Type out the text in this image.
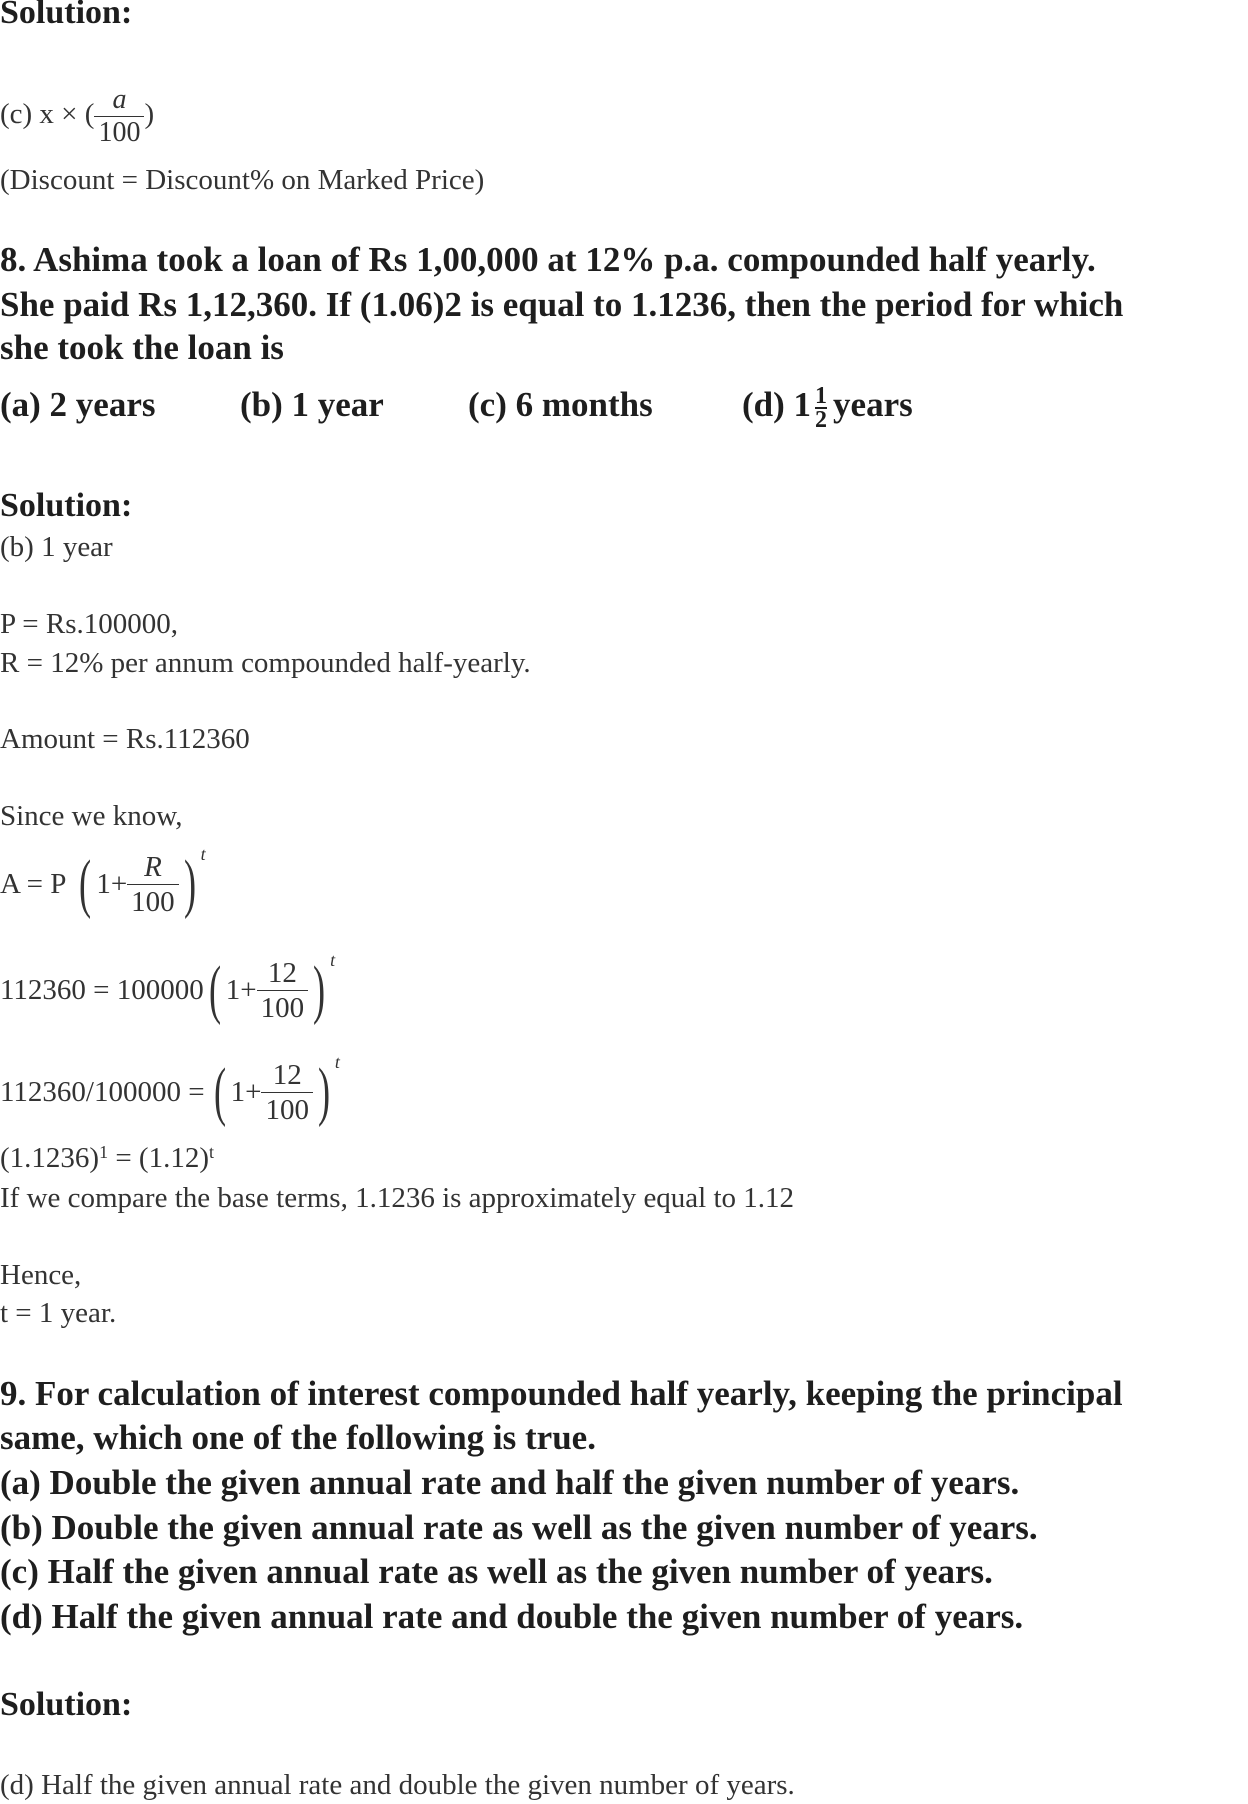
Solution:
(c) x × ( $\frac{a}{100}$ )
(Discount = Discount% on Marked Price)
8. Ashima took a loan of Rs 1,00,000 at 12% p.a. compounded half yearly.
She paid Rs 1,12,360. If (1.06)2 is equal to 1.1236, then the period for which
she took the loan is
(a) 2 years (b) 1 year (c) 6 months	(d) $1 \frac{1}{2}$ years
Solution:
(b) 1 year
P = Rs.100000,
R = 12% per annum compounded half-yearly.
Amount = Rs.112360
Since we know,
A = P ( $1+ \frac{R}{100}$ ) t
112360 = 100000 ( $1+ \frac{12}{100}$ ) t
112360/100000 = ( $1+ \frac{12}{100}$ ) t
$(1.1236)^1 = (1.12)^t$
If we compare the base terms, 1.1236 is approximately equal to 1.12
Hence,
t = 1 year.
9. For calculation of interest compounded half yearly, keeping the principal
same, which one of the following is true.
(a) Double the given annual rate and half the given number of years.
(b) Double the given annual rate as well as the given number of years.
(c) Half the given annual rate as well as the given number of years.
(d) Half the given annual rate and double the given number of years.
Solution:
(d) Half the given annual rate and double the given number of years.
